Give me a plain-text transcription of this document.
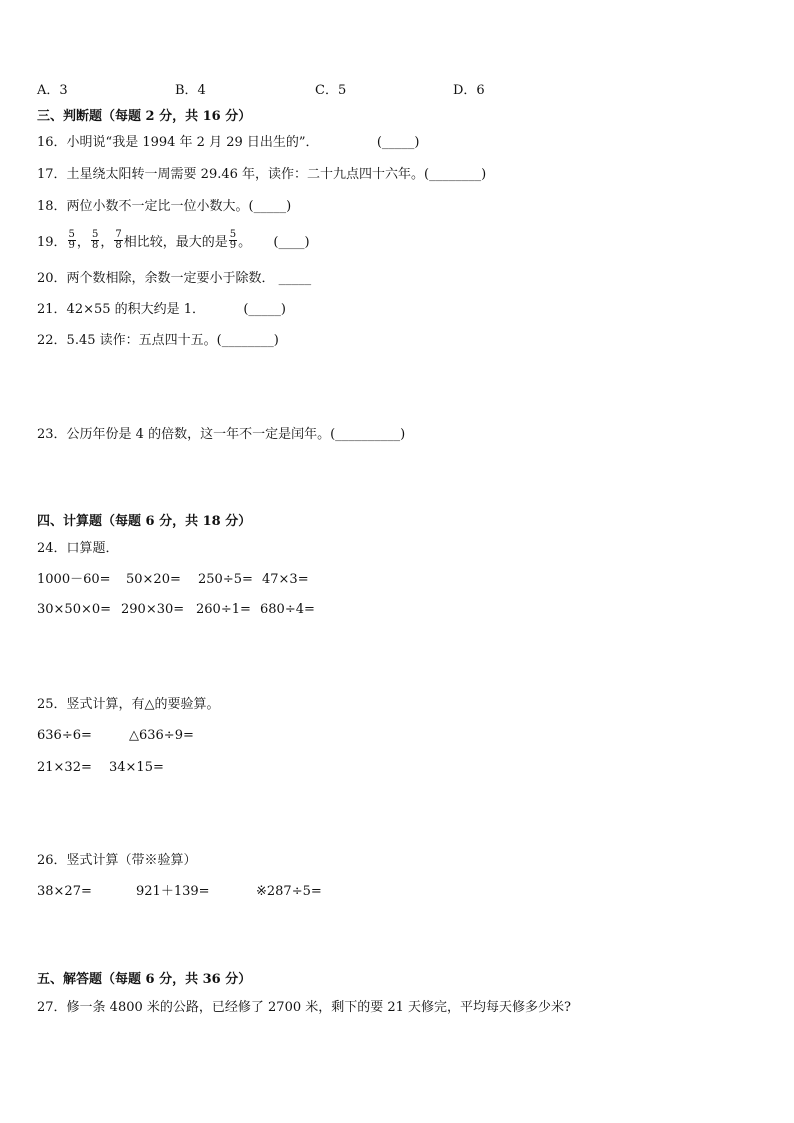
A．3	B．4	C．5	D．6
三、判断题（每题 2 分，共 16 分）
16．小明说“我是 1994 年 2 月 29 日出生的”．	(_____)
17．土星绕太阳转一周需要 29.46 年，读作：二十九点四十六年。(________)
18．两位小数不一定比一位小数大。(_____)
19． $\frac{5}{9}$ ， $\frac{5}{8}$ ， $\frac{7}{8}$ 相比较，最大的是 $\frac{5}{9}$ 。 (____)
20．两个数相除，余数一定要小于除数． _____
21．42×55 的积大约是 1．	(_____)
22．5.45 读作：五点四十五。(________)
23．公历年份是 4 的倍数，这一年不一定是闰年。(__________)
四、计算题（每题 6 分，共 18 分）
24．口算题．
1000－60= 50×20= 250÷5= 47×3=
30×50×0= 290×30= 260÷1= 680÷4=
25．竖式计算，有△的要验算。
636÷6=	△636÷9=
21×32= 34×15=
26．竖式计算（带※验算）
38×27=	921＋139=	※287÷5=
五、解答题（每题 6 分，共 36 分）
27．修一条 4800 米的公路，已经修了 2700 米，剩下的要 21 天修完，平均每天修多少米?
